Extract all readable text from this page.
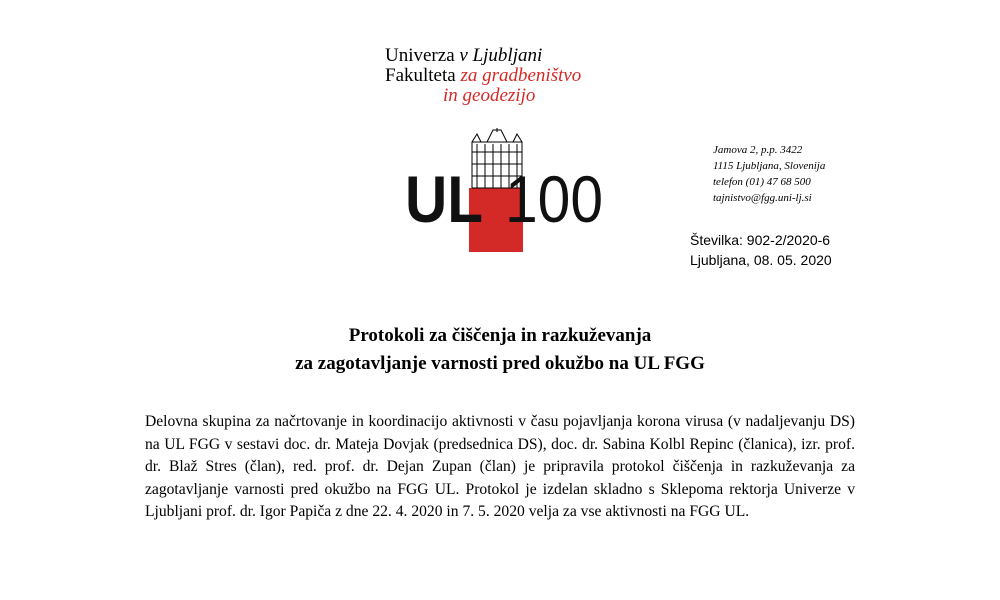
Univerza v Ljubljani
Fakulteta za gradbeništvo
in geodezijo
UL 100
Jamova 2, p.p. 3422
1115 Ljubljana, Slovenija
telefon (01) 47 68 500
tajnistvo@fgg.uni-lj.si
Številka: 902-2/2020-6
Ljubljana, 08. 05. 2020
Protokoli za čiščenja in razkuževanja
za zagotavljanje varnosti pred okužbo na UL FGG
Delovna skupina za načrtovanje in koordinacijo aktivnosti v času pojavljanja korona virusa (v nadaljevanju DS) na UL FGG v sestavi doc. dr. Mateja Dovjak (predsednica DS), doc. dr. Sabina Kolbl Repinc (članica), izr. prof. dr. Blaž Stres (član), red. prof. dr. Dejan Zupan (član) je pripravila protokol čiščenja in razkuževanja za zagotavljanje varnosti pred okužbo na FGG UL. Protokol je izdelan skladno s Sklepoma rektorja Univerze v Ljubljani prof. dr. Igor Papiča z dne 22. 4. 2020 in 7. 5. 2020 velja za vse aktivnosti na FGG UL.
